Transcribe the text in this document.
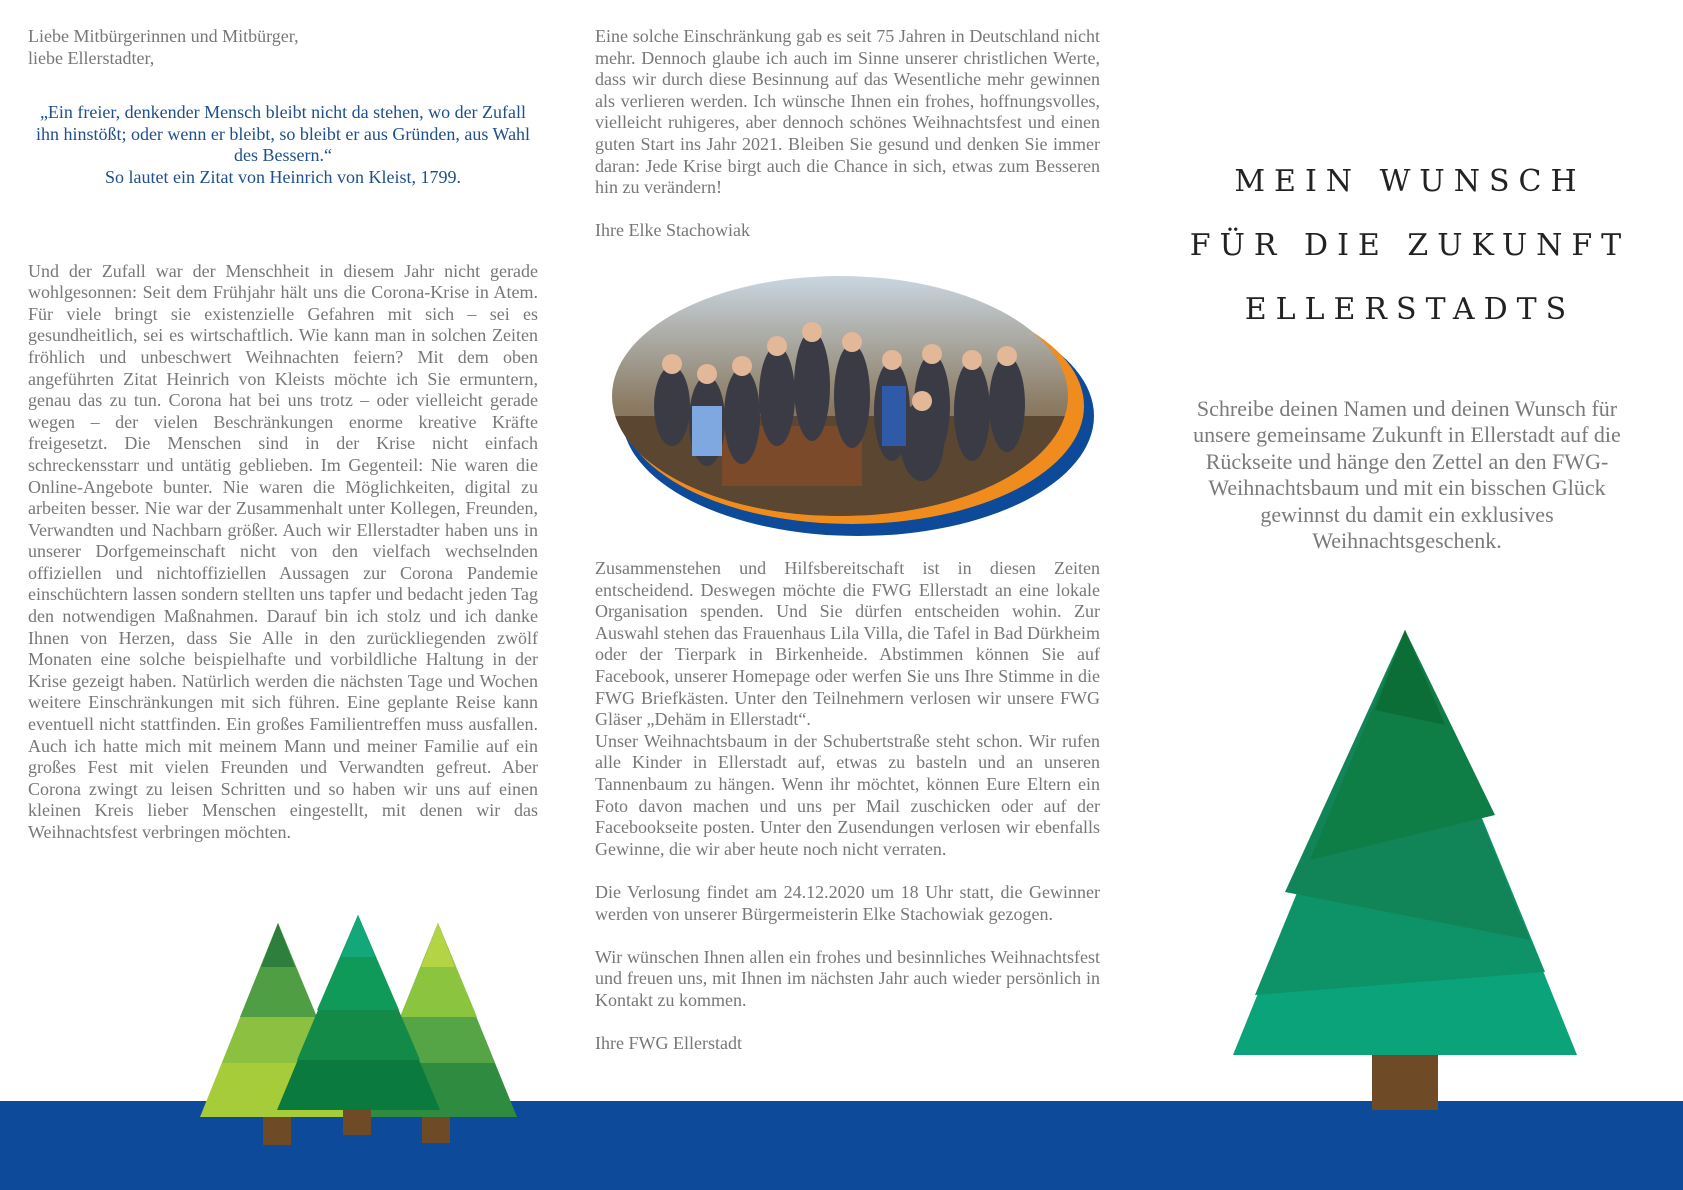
Liebe Mitbürgerinnen und Mitbürger,

liebe Ellerstadter,

„Ein freier, denkender Mensch bleibt nicht da stehen, wo der Zufall ihn hinstößt; oder wenn er bleibt, so bleibt er aus Gründen, aus Wahl des Bessern.“

So lautet ein Zitat von Heinrich von Kleist, 1799.

Und der Zufall war der Menschheit in diesem Jahr nicht gerade wohlgesonnen: Seit dem Frühjahr hält uns die Corona-Krise in Atem. Für viele bringt sie existenzielle Gefahren mit sich – sei es gesundheitlich, sei es wirtschaftlich. Wie kann man in solchen Zeiten fröhlich und unbeschwert Weihnachten feiern? Mit dem oben angeführten Zitat Heinrich von Kleists möchte ich Sie ermuntern, genau das zu tun. Corona hat bei uns trotz – oder vielleicht gerade wegen – der vielen Beschränkungen enorme kreative Kräfte freigesetzt. Die Menschen sind in der Krise nicht einfach schreckensstarr und untätig geblieben. Im Gegenteil: Nie waren die Online-Angebote bunter. Nie waren die Möglichkeiten, digital zu arbeiten besser. Nie war der Zusammenhalt unter Kollegen, Freunden, Verwandten und Nachbarn größer. Auch wir Ellerstadter haben uns in unserer Dorfgemeinschaft nicht von den vielfach wechselnden offiziellen und nichtoffiziellen Aussagen zur Corona Pandemie einschüchtern lassen sondern stellten uns tapfer und bedacht jeden Tag den notwendigen Maßnahmen. Darauf bin ich stolz und ich danke Ihnen von Herzen, dass Sie Alle in den zurückliegenden zwölf Monaten eine solche beispielhafte und vorbildliche Haltung in der Krise gezeigt haben. Natürlich werden die nächsten Tage und Wochen weitere Einschränkungen mit sich führen. Eine geplante Reise kann eventuell nicht stattfinden. Ein großes Familientreffen muss ausfallen. Auch ich hatte mich mit meinem Mann und meiner Familie auf ein großes Fest mit vielen Freunden und Verwandten gefreut. Aber Corona zwingt zu leisen Schritten und so haben wir uns auf einen kleinen Kreis lieber Menschen eingestellt, mit denen wir das Weihnachtsfest verbringen möchten.

Eine solche Einschränkung gab es seit 75 Jahren in Deutschland nicht mehr. Dennoch glaube ich auch im Sinne unserer christlichen Werte, dass wir durch diese Besinnung auf das Wesentliche mehr gewinnen als verlieren werden. Ich wünsche Ihnen ein frohes, hoffnungsvolles, vielleicht ruhigeres, aber dennoch schönes Weihnachtsfest und einen guten Start ins Jahr 2021. Bleiben Sie gesund und denken Sie immer daran: Jede Krise birgt auch die Chance in sich, etwas zum Besseren hin zu verändern!

Ihre Elke Stachowiak

Zusammenstehen und Hilfsbereitschaft ist in diesen Zeiten entscheidend. Deswegen möchte die FWG Ellerstadt an eine lokale Organisation spenden. Und Sie dürfen entscheiden wohin. Zur Auswahl stehen das Frauenhaus Lila Villa, die Tafel in Bad Dürkheim oder der Tierpark in Birkenheide. Abstimmen können Sie auf Facebook, unserer Homepage oder werfen Sie uns Ihre Stimme in die FWG Briefkästen. Unter den Teilnehmern verlosen wir unsere FWG Gläser „Dehäm in Ellerstadt“.

Unser Weihnachtsbaum in der Schubertstraße steht schon. Wir rufen alle Kinder in Ellerstadt auf, etwas zu basteln und an unseren Tannenbaum zu hängen. Wenn ihr möchtet, können Eure Eltern ein Foto davon machen und uns per Mail zuschicken oder auf der Facebookseite posten. Unter den Zusendungen verlosen wir ebenfalls Gewinne, die wir aber heute noch nicht verraten.

Die Verlosung findet am 24.12.2020 um 18 Uhr statt, die Gewinner werden von unserer Bürgermeisterin Elke Stachowiak gezogen.

Wir wünschen Ihnen allen ein frohes und besinnliches Weihnachtsfest und freuen uns, mit Ihnen im nächsten Jahr auch wieder persönlich in Kontakt zu kommen.

Ihre FWG Ellerstadt

MEIN WUNSCH
FÜR DIE ZUKUNFT
ELLERSTADTS
Schreibe deinen Namen und deinen Wunsch für unsere gemeinsame Zukunft in Ellerstadt auf die Rückseite und hänge den Zettel an den FWG-Weihnachtsbaum und mit ein bisschen Glück gewinnst du damit ein exklusives Weihnachtsgeschenk.
